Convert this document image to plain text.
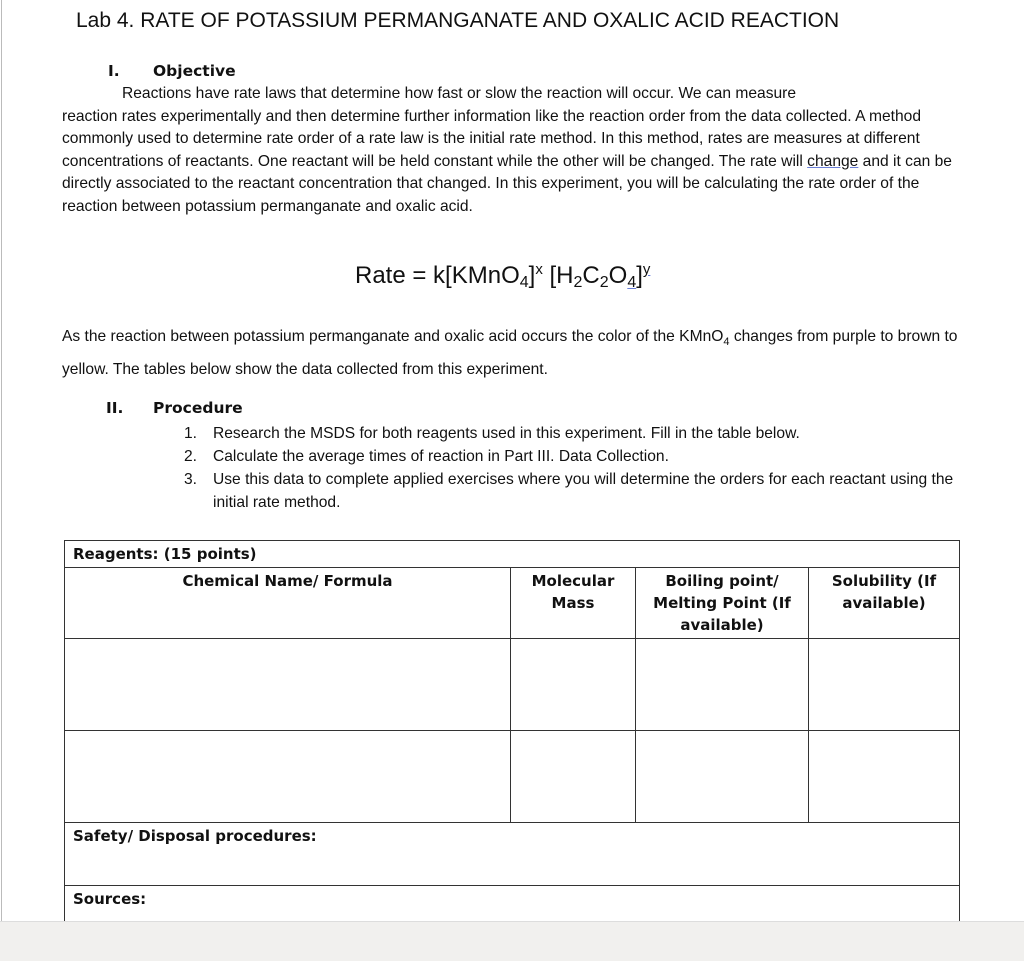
Lab 4. RATE OF POTASSIUM PERMANGANATE AND OXALIC ACID REACTION
I. Objective

Reactions have rate laws that determine how fast or slow the reaction will occur. We can measure

reaction rates experimentally and then determine further information like the reaction order from the data collected. A method commonly used to determine rate order of a rate law is the initial rate method. In this method, rates are measures at different concentrations of reactants. One reactant will be held constant while the other will be changed. The rate will change and it can be directly associated to the reactant concentration that changed. In this experiment, you will be calculating the rate order of the reaction between potassium permanganate and oxalic acid.

Rate = k[KMnO$_4$]$^x$ $[H_2C_2O_4]^y$
As the reaction between potassium permanganate and oxalic acid occurs the color of the KMnO$_4$ changes from purple to brown to yellow. The tables below show the data collected from this experiment.
II. Procedure
1. Research the MSDS for both reagents used in this experiment. Fill in the table below.
2. Calculate the average times of reaction in Part III. Data Collection.
3. Use this data to complete applied exercises where you will determine the orders for each reactant using the initial rate method.
Reagents: (15 points)			
Chemical Name/ Formula	Molecular Mass	Boiling point/ Melting Point (If available)	Solubility (If available)

Safety/ Disposal procedures:			
Sources:			
